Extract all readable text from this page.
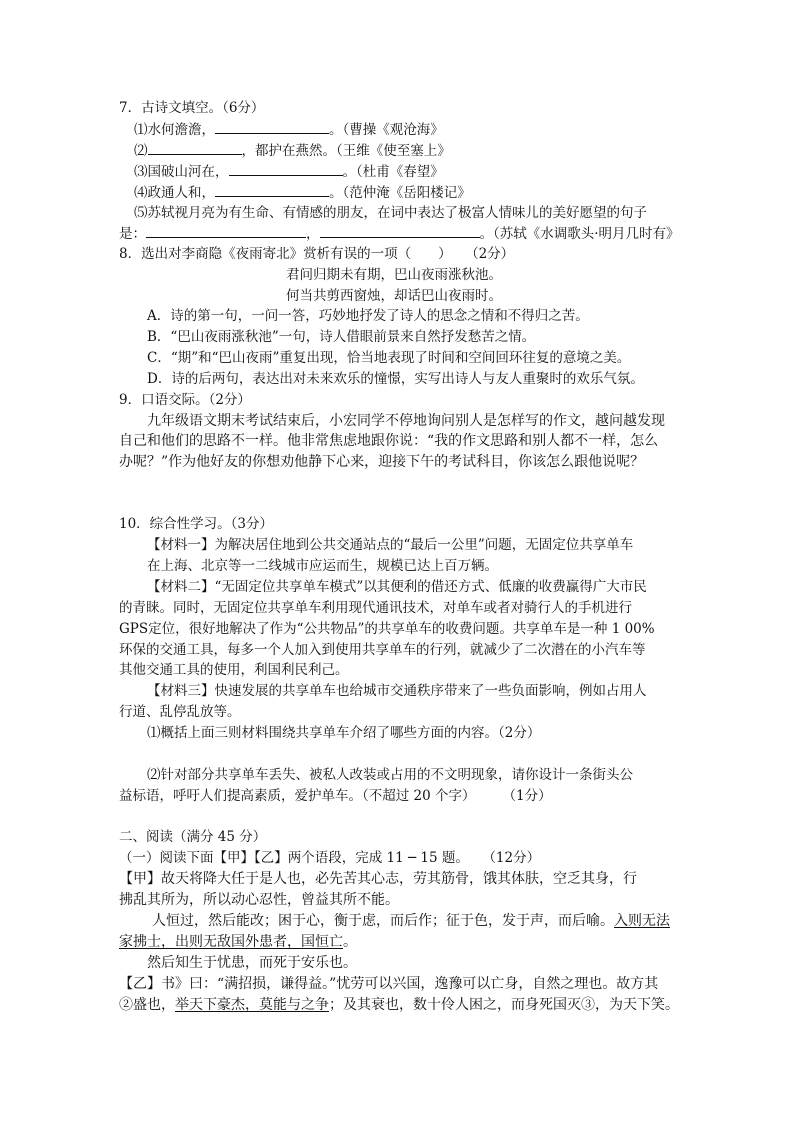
7．古诗文填空。（6分）
⑴水何澹澹，	。（曹操《观沧海》
⑵	，都护在燕然。（王维《使至塞上》
⑶国破山河在，	。（杜甫《春望》
⑷政通人和，	。（范仲淹《岳阳楼记》
⑸苏轼视月亮为有生命、有情感的朋友，在词中表达了极富人情味儿的美好愿望的句子
是：	，	。（苏轼《水调歌头·明月几时有》
8．选出对李商隐《夜雨寄北》赏析有误的一项（　　）　　（2分）
君问归期未有期，巴山夜雨涨秋池。
何当共剪西窗烛，却话巴山夜雨时。
A．诗的第一句，一问一答，巧妙地抒发了诗人的思念之情和不得归之苦。
B．“巴山夜雨涨秋池”一句，诗人借眼前景来自然抒发愁苦之情。
C．“期”和“巴山夜雨”重复出现，恰当地表现了时间和空间回环往复的意境之美。
D．诗的后两句，表达出对未来欢乐的憧憬，实写出诗人与友人重聚时的欢乐气氛。
9．口语交际。（2分）
九年级语文期末考试结束后，小宏同学不停地询问别人是怎样写的作文，越问越发现
自己和他们的思路不一样。他非常焦虑地跟你说：“我的作文思路和别人都不一样，怎么
办呢？”作为他好友的你想劝他静下心来，迎接下午的考试科目，你该怎么跟他说呢？
10．综合性学习。（3分）
【材料一】为解决居住地到公共交通站点的“最后一公里”问题，无固定位共享单车
在上海、北京等一二线城市应运而生，规模已达上百万辆。
【材料二】“无固定位共享单车模式”以其便利的借还方式、低廉的收费赢得广大市民
的青睐。同时，无固定位共享单车利用现代通讯技术，对单车或者对骑行人的手机进行
GPS定位，很好地解决了作为“公共物品”的共享单车的收费问题。共享单车是一种 1 00%
环保的交通工具，每多一个人加入到使用共享单车的行列，就减少了二次潜在的小汽车等
其他交通工具的使用，利国利民利己。
【材料三】快速发展的共享单车也给城市交通秩序带来了一些负面影响，例如占用人
行道、乱停乱放等。
⑴概括上面三则材料围绕共享单车介绍了哪些方面的内容。（2分）
⑵针对部分共享单车丢失、被私人改装或占用的不文明现象，请你设计一条街头公
益标语，呼吁人们提高素质，爱护单车。（不超过 20 个字）　　　（1分）
二、阅读（满分 45 分）
（一）阅读下面【甲】【乙】两个语段，完成 11 ─ 15 题。　　（12分）
【甲】故天将降大任于是人也，必先苦其心志，劳其筋骨，饿其体肤，空乏其身，行
拂乱其所为，所以动心忍性，曾益其所不能。
人恒过，然后能改；困于心，衡于虑，而后作；征于色，发于声，而后喻。入则无法
家拂士，出则无敌国外患者，国恒亡。
然后知生于忧患，而死于安乐也。
【乙】书》曰：“满招损，谦得益。”忧劳可以兴国，逸豫可以亡身，自然之理也。故方其
②盛也，举天下豪杰，莫能与之争；及其衰也，数十伶人困之，而身死国灭③，为天下笑。
